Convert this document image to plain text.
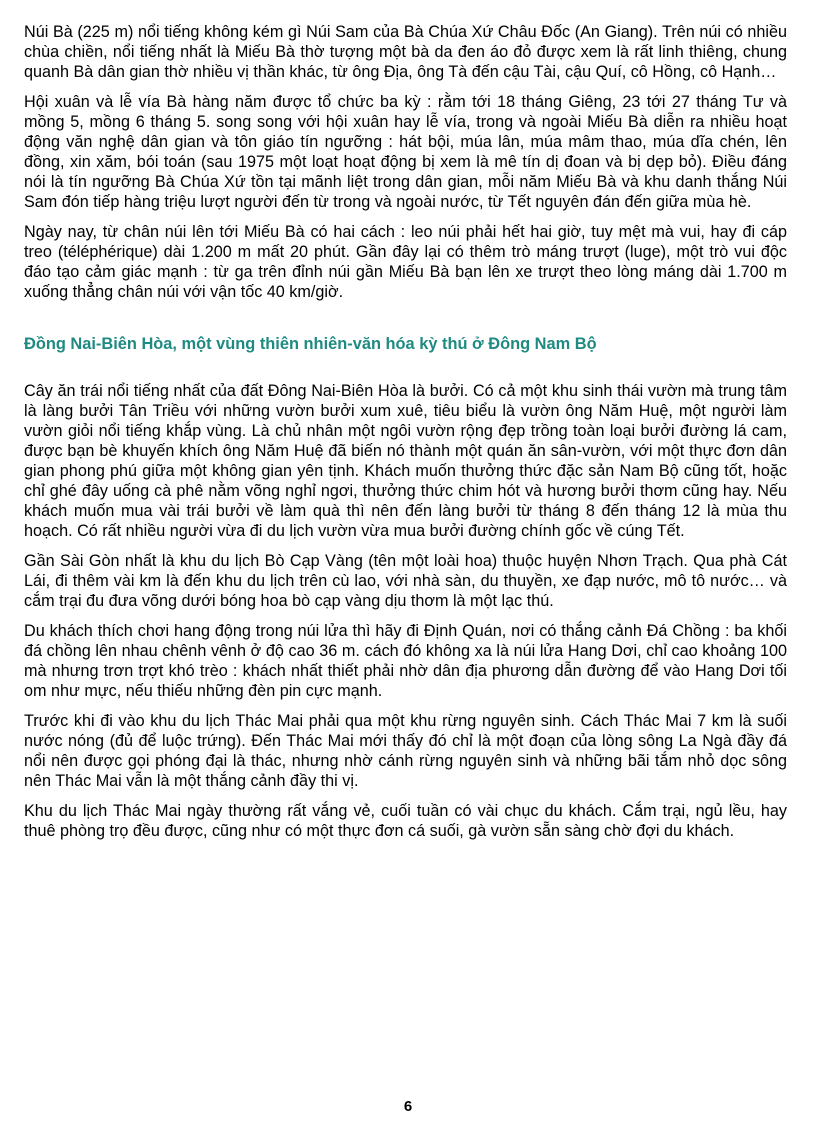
Núi Bà (225 m) nổi tiếng không kém gì Núi Sam của Bà Chúa Xứ Châu Đốc (An Giang). Trên núi có nhiều chùa chiền, nổi tiếng nhất là Miếu Bà thờ tượng một bà da đen áo đỏ được xem là rất linh thiêng, chung quanh Bà dân gian thờ nhiều vị thần khác, từ ông Địa, ông Tà đến cậu Tài, cậu Quí, cô Hồng, cô Hạnh…

Hội xuân và lễ vía Bà hàng năm được tổ chức ba kỳ : rằm tới 18 tháng Giêng, 23 tới 27 tháng Tư và mồng 5, mồng 6 tháng 5. song song với hội xuân hay lễ vía, trong và ngoài Miếu Bà diễn ra nhiều hoạt động văn nghệ dân gian và tôn giáo tín ngưỡng : hát bội, múa lân, múa mâm thao, múa dĩa chén, lên đồng, xin xăm, bói toán (sau 1975 một loạt hoạt động bị xem là mê tín dị đoan và bị dẹp bỏ). Điều đáng nói là tín ngưỡng Bà Chúa Xứ tồn tại mãnh liệt trong dân gian, mỗi năm Miếu Bà và khu danh thắng Núi Sam đón tiếp hàng triệu lượt người đến từ trong và ngoài nước, từ Tết nguyên đán đến giữa mùa hè.

Ngày nay, từ chân núi lên tới Miếu Bà có hai cách : leo núi phải hết hai giờ, tuy mệt mà vui, hay đi cáp treo (téléphérique) dài 1.200 m mất 20 phút. Gần đây lại có thêm trò máng trượt (luge), một trò vui độc đáo tạo cảm giác mạnh : từ ga trên đỉnh núi gần Miếu Bà bạn lên xe trượt theo lòng máng dài 1.700 m xuống thẳng chân núi với vận tốc 40 km/giờ.

Đồng Nai-Biên Hòa, một vùng thiên nhiên-văn hóa kỳ thú ở Đông Nam Bộ

Cây ăn trái nổi tiếng nhất của đất Đông Nai-Biên Hòa là bưởi. Có cả một khu sinh thái vườn mà trung tâm là làng bưởi Tân Triều với những vườn bưởi xum xuê, tiêu biểu là vườn ông Năm Huệ, một người làm vườn giỏi nổi tiếng khắp vùng. Là chủ nhân một ngôi vườn rộng đẹp trồng toàn loại bưởi đường lá cam, được bạn bè khuyến khích ông Năm Huệ đã biến nó thành một quán ăn sân-vườn, với một thực đơn dân gian phong phú giữa một không gian yên tịnh. Khách muốn thưởng thức đặc sản Nam Bộ cũng tốt, hoặc chỉ ghé đây uống cà phê nằm võng nghỉ ngơi, thưởng thức chim hót và hương bưởi thơm cũng hay. Nếu khách muốn mua vài trái bưởi về làm quà thì nên đến làng bưởi từ tháng 8 đến tháng 12 là mùa thu hoạch. Có rất nhiều người vừa đi du lịch vườn vừa mua bưởi đường chính gốc về cúng Tết.

Gần Sài Gòn nhất là khu du lịch Bò Cạp Vàng (tên một loài hoa) thuộc huyện Nhơn Trạch. Qua phà Cát Lái, đi thêm vài km là đến khu du lịch trên cù lao, với nhà sàn, du thuyền, xe đạp nước, mô tô nước… và cắm trại đu đưa võng dưới bóng hoa bò cạp vàng dịu thơm là một lạc thú.

Du khách thích chơi hang động trong núi lửa thì hãy đi Định Quán, nơi có thắng cảnh Đá Chồng : ba khối đá chồng lên nhau chênh vênh ở độ cao 36 m. cách đó không xa là núi lửa Hang Dơi, chỉ cao khoảng 100 mà nhưng trơn trợt khó trèo : khách nhất thiết phải nhờ dân địa phương dẫn đường để vào Hang Dơi tối om như mực, nếu thiếu những đèn pin cực mạnh.

Trước khi đi vào khu du lịch Thác Mai phải qua một khu rừng nguyên sinh. Cách Thác Mai 7 km là suối nước nóng (đủ để luộc trứng). Đến Thác Mai mới thấy đó chỉ là một đoạn của lòng sông La Ngà đầy đá nổi nên được gọi phóng đại là thác, nhưng nhờ cánh rừng nguyên sinh và những bãi tắm nhỏ dọc sông nên Thác Mai vẫn là một thắng cảnh đầy thi vị.

Khu du lịch Thác Mai ngày thường rất vắng vẻ, cuối tuần có vài chục du khách. Cắm trại, ngủ lều, hay thuê phòng trọ đều được, cũng như có một thực đơn cá suối, gà vườn sẵn sàng chờ đợi du khách.

6
